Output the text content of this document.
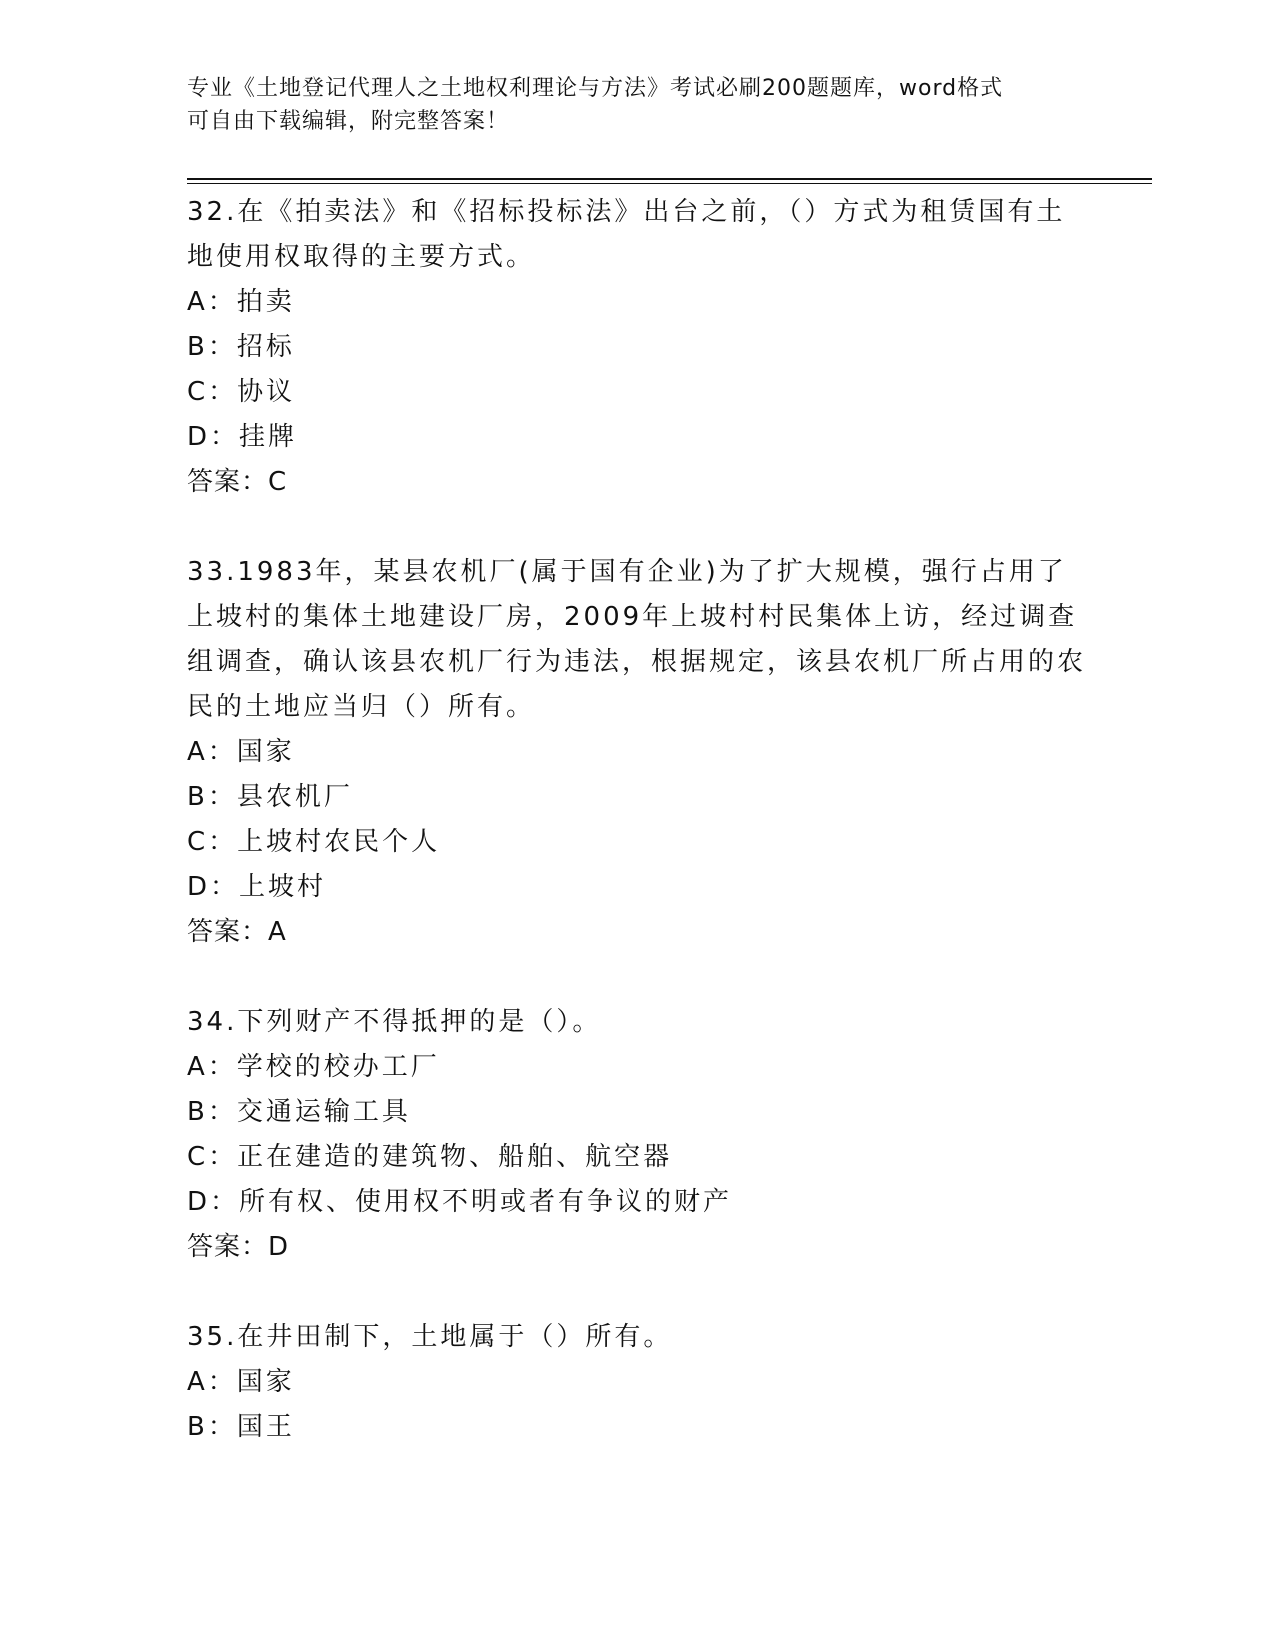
专业《土地登记代理人之土地权利理论与方法》考试必刷200题题库，word格式
可自由下载编辑，附完整答案！

32.在《拍卖法》和《招标投标法》出台之前，（）方式为租赁国有土地使用权取得的主要方式。

A：拍卖

B：招标

C：协议

D：挂牌

答案：C

33.1983年，某县农机厂(属于国有企业)为了扩大规模，强行占用了上坡村的集体土地建设厂房，2009年上坡村村民集体上访，经过调查组调查，确认该县农机厂行为违法，根据规定，该县农机厂所占用的农民的土地应当归（）所有。

A：国家

B：县农机厂

C：上坡村农民个人

D：上坡村

答案：A

34.下列财产不得抵押的是（）。

A：学校的校办工厂

B：交通运输工具

C：正在建造的建筑物、船舶、航空器

D：所有权、使用权不明或者有争议的财产

答案：D

35.在井田制下，土地属于（）所有。

A：国家

B：国王
